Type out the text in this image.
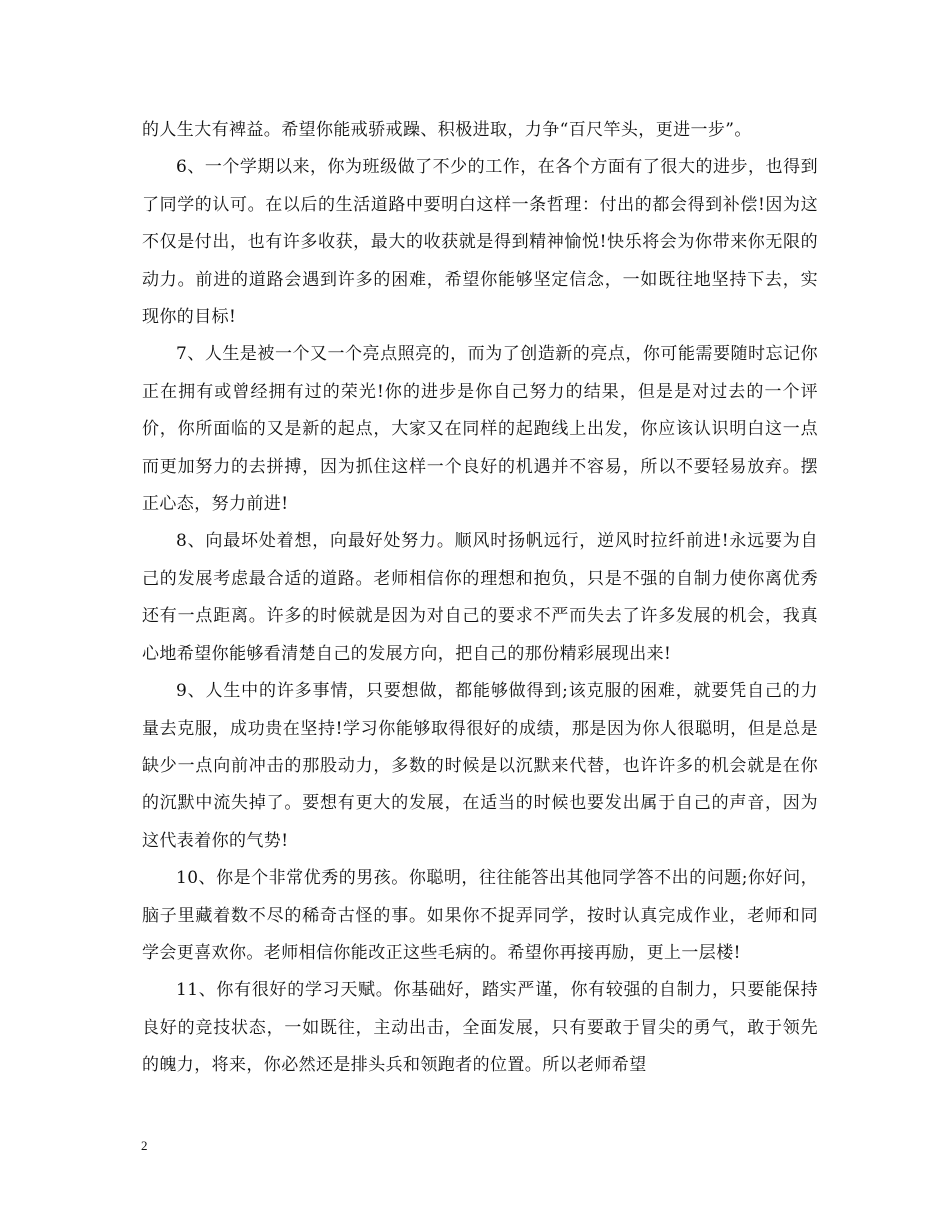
的人生大有裨益。希望你能戒骄戒躁、积极进取，力争“百尺竿头，更进一步”。

6、一个学期以来，你为班级做了不少的工作，在各个方面有了很大的进步，也得到了同学的认可。在以后的生活道路中要明白这样一条哲理：付出的都会得到补偿!因为这不仅是付出，也有许多收获，最大的收获就是得到精神愉悦!快乐将会为你带来你无限的动力。前进的道路会遇到许多的困难，希望你能够坚定信念，一如既往地坚持下去，实现你的目标!

7、人生是被一个又一个亮点照亮的，而为了创造新的亮点，你可能需要随时忘记你正在拥有或曾经拥有过的荣光!你的进步是你自己努力的结果，但是是对过去的一个评价，你所面临的又是新的起点，大家又在同样的起跑线上出发，你应该认识明白这一点而更加努力的去拼搏，因为抓住这样一个良好的机遇并不容易，所以不要轻易放弃。摆正心态，努力前进!

8、向最坏处着想，向最好处努力。顺风时扬帆远行，逆风时拉纤前进!永远要为自己的发展考虑最合适的道路。老师相信你的理想和抱负，只是不强的自制力使你离优秀还有一点距离。许多的时候就是因为对自己的要求不严而失去了许多发展的机会，我真心地希望你能够看清楚自己的发展方向，把自己的那份精彩展现出来!

9、人生中的许多事情，只要想做，都能够做得到;该克服的困难，就要凭自己的力量去克服，成功贵在坚持!学习你能够取得很好的成绩，那是因为你人很聪明，但是总是缺少一点向前冲击的那股动力，多数的时候是以沉默来代替，也许许多的机会就是在你的沉默中流失掉了。要想有更大的发展，在适当的时候也要发出属于自己的声音，因为这代表着你的气势!

10、你是个非常优秀的男孩。你聪明，往往能答出其他同学答不出的问题;你好问，脑子里藏着数不尽的稀奇古怪的事。如果你不捉弄同学，按时认真完成作业，老师和同学会更喜欢你。老师相信你能改正这些毛病的。希望你再接再励，更上一层楼!

11、你有很好的学习天赋。你基础好，踏实严谨，你有较强的自制力，只要能保持良好的竞技状态，一如既往，主动出击，全面发展，只有要敢于冒尖的勇气，敢于领先的魄力，将来，你必然还是排头兵和领跑者的位置。所以老师希望

2
